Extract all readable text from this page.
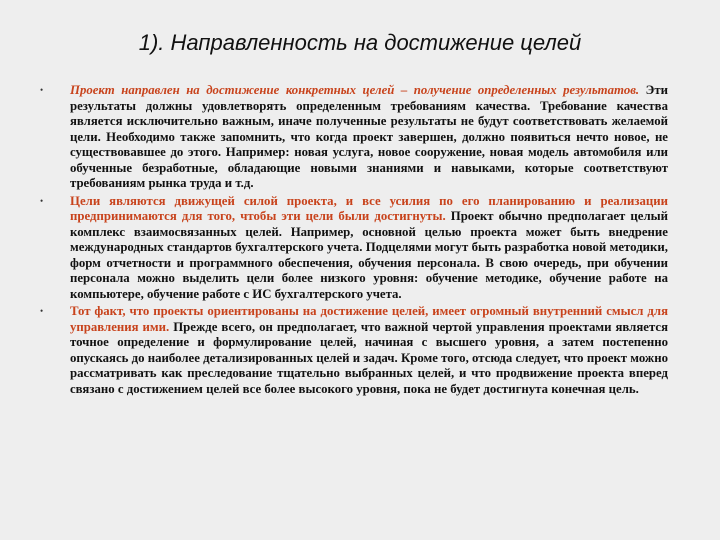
1). Направленность на достижение целей
• Проект направлен на достижение конкретных целей – получение определенных результатов. Эти результаты должны удовлетворять определенным требованиям качества. Требование качества является исключительно важным, иначе полученные результаты не будут соответствовать желаемой цели. Необходимо также запомнить, что когда проект завершен, должно появиться нечто новое, не существовавшее до этого. Например: новая услуга, новое сооружение, новая модель автомобиля или обученные безработные, обладающие новыми знаниями и навыками, которые соответствуют требованиям рынка труда и т.д.
• Цели являются движущей силой проекта, и все усилия по его планированию и реализации предпринимаются для того, чтобы эти цели были достигнуты. Проект обычно предполагает целый комплекс взаимосвязанных целей. Например, основной целью проекта может быть внедрение международных стандартов бухгалтерского учета. Подцелями могут быть разработка новой методики, форм отчетности и программного обеспечения, обучения персонала. В свою очередь, при обучении персонала можно выделить цели более низкого уровня: обучение методике, обучение работе на компьютере, обучение работе с ИС бухгалтерского учета.
• Тот факт, что проекты ориентированы на достижение целей, имеет огромный внутренний смысл для управления ими. Прежде всего, он предполагает, что важной чертой управления проектами является точное определение и формулирование целей, начиная с высшего уровня, а затем постепенно опускаясь до наиболее детализированных целей и задач. Кроме того, отсюда следует, что проект можно рассматривать как преследование тщательно выбранных целей, и что продвижение проекта вперед связано с достижением целей все более высокого уровня, пока не будет достигнута конечная цель.
